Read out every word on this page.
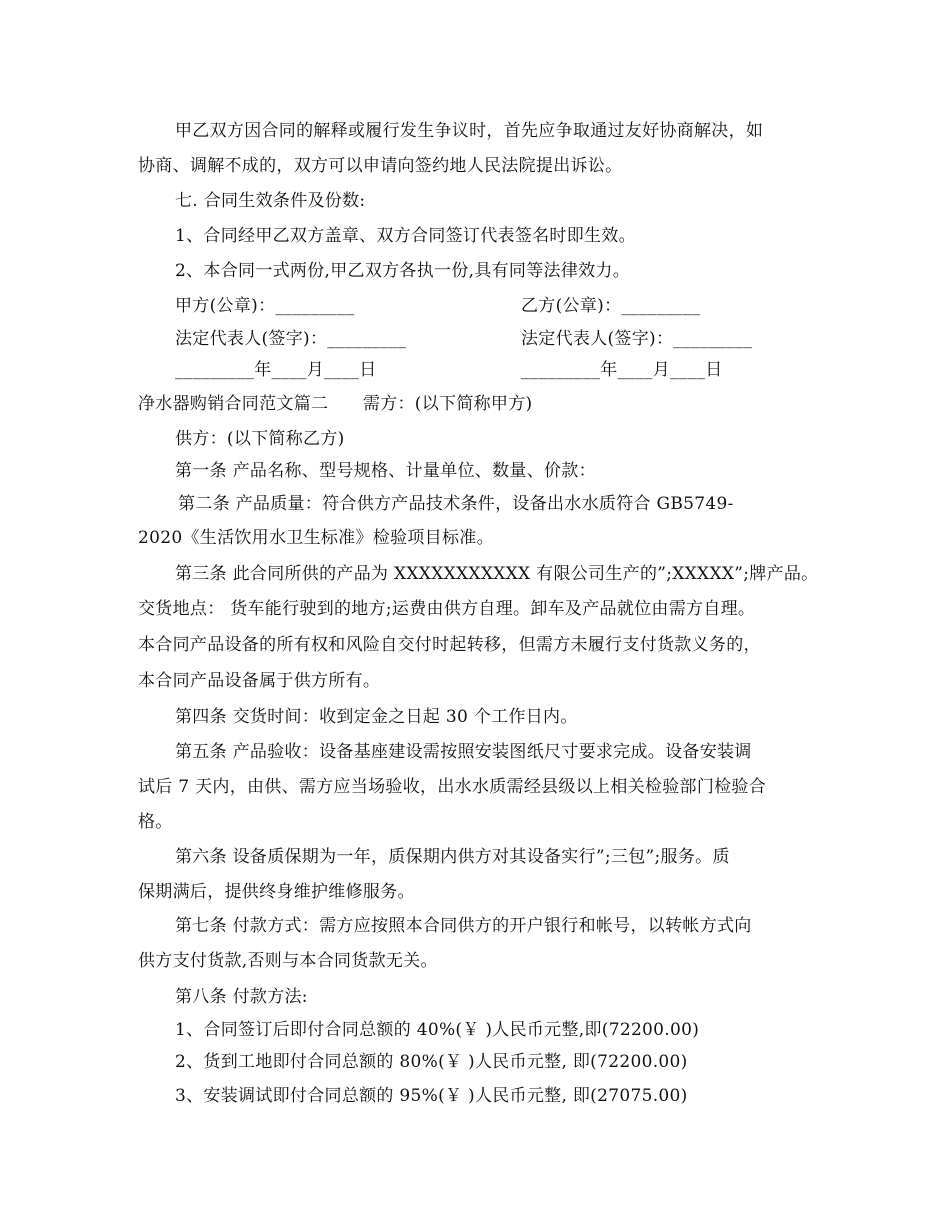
甲乙双方因合同的解释或履行发生争议时，首先应争取通过友好协商解决，如
协商、调解不成的，双方可以申请向签约地人民法院提出诉讼。
七. 合同生效条件及份数:
1、合同经甲乙双方盖章、双方合同签订代表签名时即生效。
2、本合同一式两份,甲乙双方各执一份,具有同等法律效力。
甲方(公章)：_________	乙方(公章)：_________
法定代表人(签字)：_________	法定代表人(签字)：_________
_________年____月____日	_________年____月____日
净水器购销合同范文篇二　　需方：(以下简称甲方)
供方：(以下简称乙方)
第一条 产品名称、型号规格、计量单位、数量、价款：
第二条 产品质量：符合供方产品技术条件，设备出水水质符合 GB5749-
2020《生活饮用水卫生标准》检验项目标准。
第三条 此合同所供的产品为 XXXXXXXXXXX 有限公司生产的”;XXXXX”;牌产品。
交货地点： 货车能行驶到的地方;运费由供方自理。卸车及产品就位由需方自理。
本合同产品设备的所有权和风险自交付时起转移，但需方未履行支付货款义务的，
本合同产品设备属于供方所有。
第四条 交货时间：收到定金之日起 30 个工作日内。
第五条 产品验收：设备基座建设需按照安装图纸尺寸要求完成。设备安装调
试后 7 天内，由供、需方应当场验收，出水水质需经县级以上相关检验部门检验合
格。
第六条 设备质保期为一年，质保期内供方对其设备实行”;三包”;服务。质
保期满后，提供终身维护维修服务。
第七条 付款方式：需方应按照本合同供方的开户银行和帐号，以转帐方式向
供方支付货款,否则与本合同货款无关。
第八条 付款方法:
1、合同签订后即付合同总额的 40%(￥ )人民币元整,即(72200.00)
2、货到工地即付合同总额的 80%(￥ )人民币元整, 即(72200.00)
3、安装调试即付合同总额的 95%(￥ )人民币元整, 即(27075.00)
